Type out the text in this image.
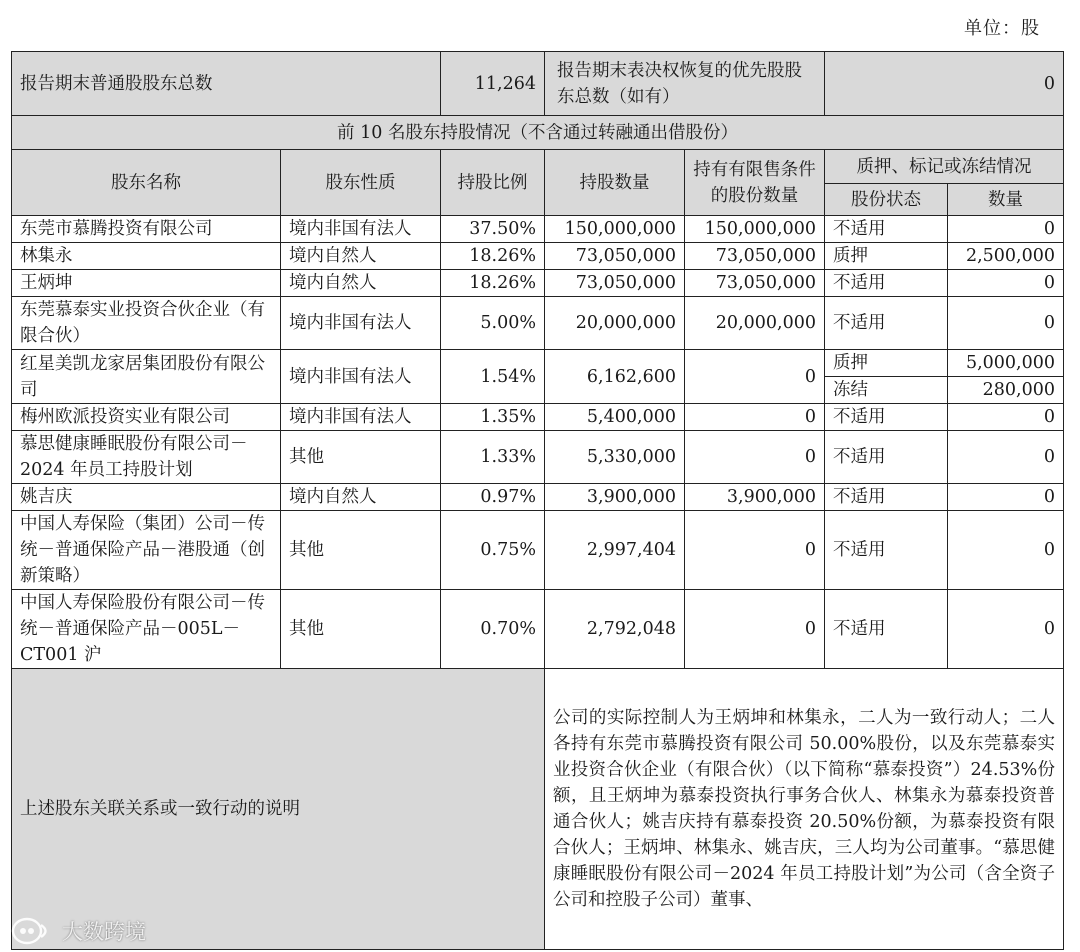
单位：股
报告期末普通股股东总数		11,264	报告期末表决权恢复的优先股股东总数（如有）		0	
前 10 名股东持股情况（不含通过转融通出借股份）						
股东名称	股东性质	持股比例	持股数量	持有有限售条件的股份数量	质押、标记或冻结情况	
					股份状态	数量
东莞市慕腾投资有限公司	境内非国有法人	37.50%	150,000,000	150,000,000	不适用	0
林集永	境内自然人	18.26%	73,050,000	73,050,000	质押	2,500,000
王炳坤	境内自然人	18.26%	73,050,000	73,050,000	不适用	0
东莞慕泰实业投资合伙企业（有限合伙）	境内非国有法人	5.00%	20,000,000	20,000,000	不适用	0
红星美凯龙家居集团股份有限公司	境内非国有法人	1.54%	6,162,600	0	质押	5,000,000
					冻结	280,000
梅州欧派投资实业有限公司	境内非国有法人	1.35%	5,400,000	0	不适用	0
慕思健康睡眠股份有限公司－2024 年员工持股计划	其他	1.33%	5,330,000	0	不适用	0
姚吉庆	境内自然人	0.97%	3,900,000	3,900,000	不适用	0
中国人寿保险（集团）公司－传统－普通保险产品－港股通（创新策略）	其他	0.75%	2,997,404	0	不适用	0
中国人寿保险股份有限公司－传统－普通保险产品－005L－CT001 沪	其他	0.70%	2,792,048	0	不适用	0
上述股东关联关系或一致行动的说明			公司的实际控制人为王炳坤和林集永，二人为一致行动人；二人各持有东莞市慕腾投资有限公司 50.00%股份，以及东莞慕泰实业投资合伙企业（有限合伙）（以下简称“慕泰投资”）24.53%份额，且王炳坤为慕泰投资执行事务合伙人、林集永为慕泰投资普通合伙人；姚吉庆持有慕泰投资 20.50%份额，为慕泰投资有限合伙人；王炳坤、林集永、姚吉庆，三人均为公司董事。“慕思健康睡眠股份有限公司－2024 年员工持股计划”为公司（含全资子公司和控股子公司）董事、			
大数跨境
